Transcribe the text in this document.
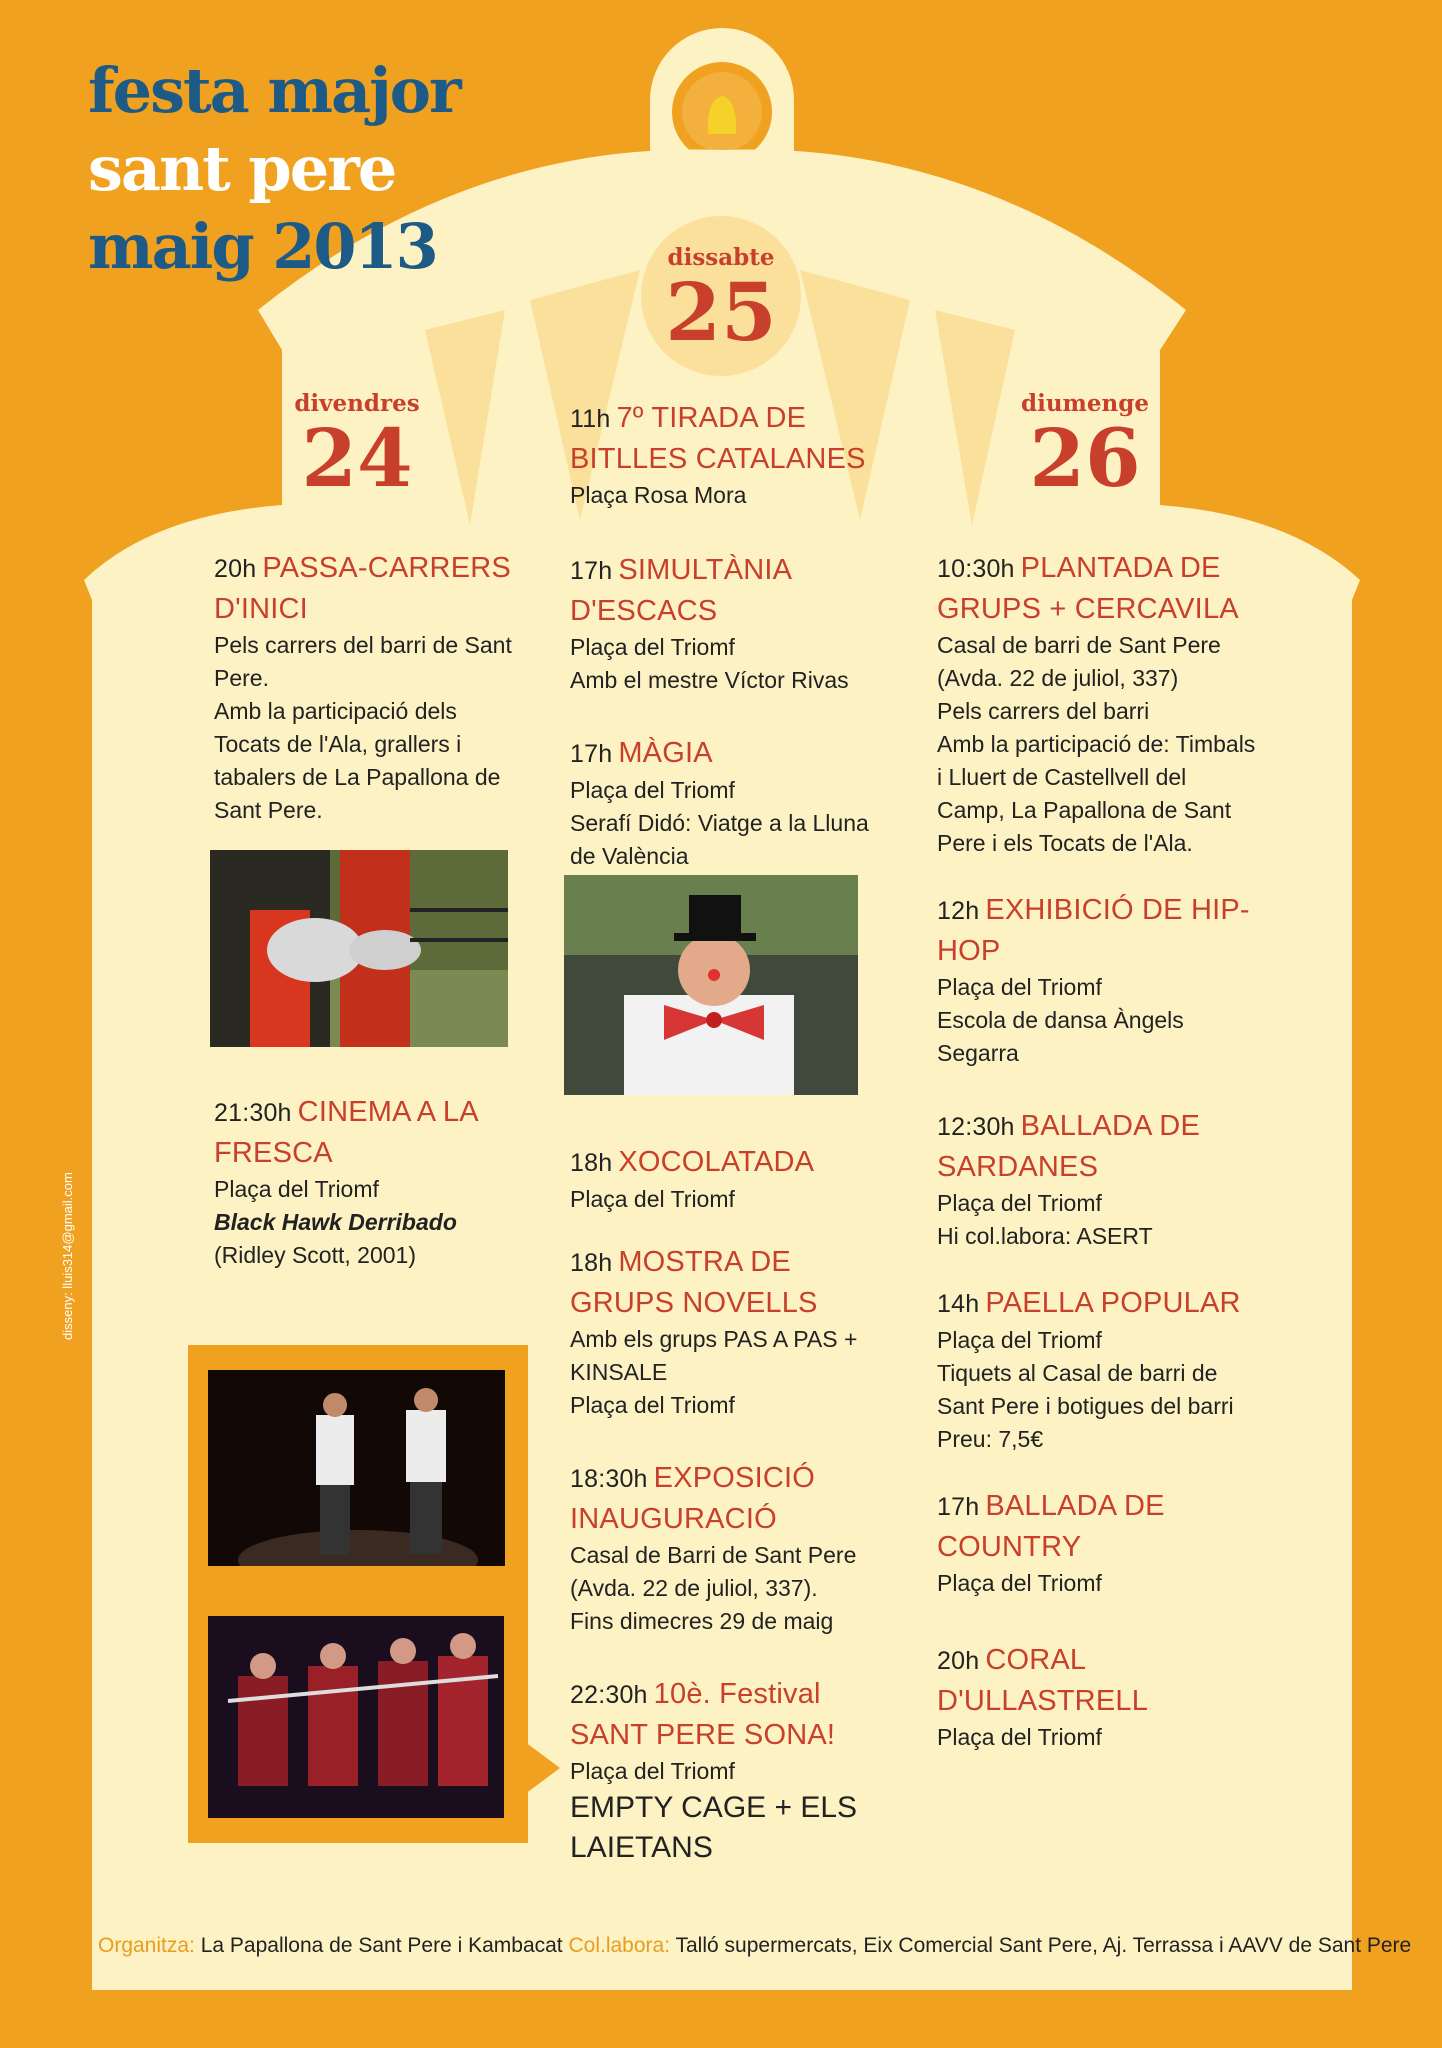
festa major
sant pere
maig 2013
divendres
24
dissabte
25
diumenge
26
20h PASSA-CARRERS D'INICI
Pels carrers del barri de Sant Pere.
Amb la participació dels Tocats de l'Ala, grallers i tabalers de La Papallona de Sant Pere.
21:30h CINEMA A LA FRESCA
Plaça del Triomf
Black Hawk Derribado
(Ridley Scott, 2001)
11h 7º TIRADA DE BITLLES CATALANES
Plaça Rosa Mora
17h SIMULTÀNIA D'ESCACS
Plaça del Triomf
Amb el mestre Víctor Rivas
17h MÀGIA
Plaça del Triomf
Serafí Didó: Viatge a la Lluna de València
18h XOCOLATADA
Plaça del Triomf
18h MOSTRA DE GRUPS NOVELLS
Amb els grups PAS A PAS + KINSALE
Plaça del Triomf
18:30h EXPOSICIÓ INAUGURACIÓ
Casal de Barri de Sant Pere (Avda. 22 de juliol, 337).
Fins dimecres 29 de maig
22:30h 10è. Festival SANT PERE SONA!
Plaça del Triomf
EMPTY CAGE + ELS LAIETANS
10:30h PLANTADA DE GRUPS + CERCAVILA
Casal de barri de Sant Pere (Avda. 22 de juliol, 337)
Pels carrers del barri
Amb la participació de: Timbals i Lluert de Castellvell del Camp, La Papallona de Sant Pere i els Tocats de l'Ala.
12h EXHIBICIÓ DE HIP-HOP
Plaça del Triomf
Escola de dansa Àngels Segarra
12:30h BALLADA DE SARDANES
Plaça del Triomf
Hi col.labora: ASERT
14h PAELLA POPULAR
Plaça del Triomf
Tiquets al Casal de barri de Sant Pere i botigues del barri
Preu: 7,5€
17h BALLADA DE COUNTRY
Plaça del Triomf
20h CORAL D'ULLASTRELL
Plaça del Triomf
Organitza: La Papallona de Sant Pere i Kambacat Col.labora: Talló supermercats, Eix Comercial Sant Pere, Aj. Terrassa i AAVV de Sant Pere
disseny: lluis314@gmail.com
